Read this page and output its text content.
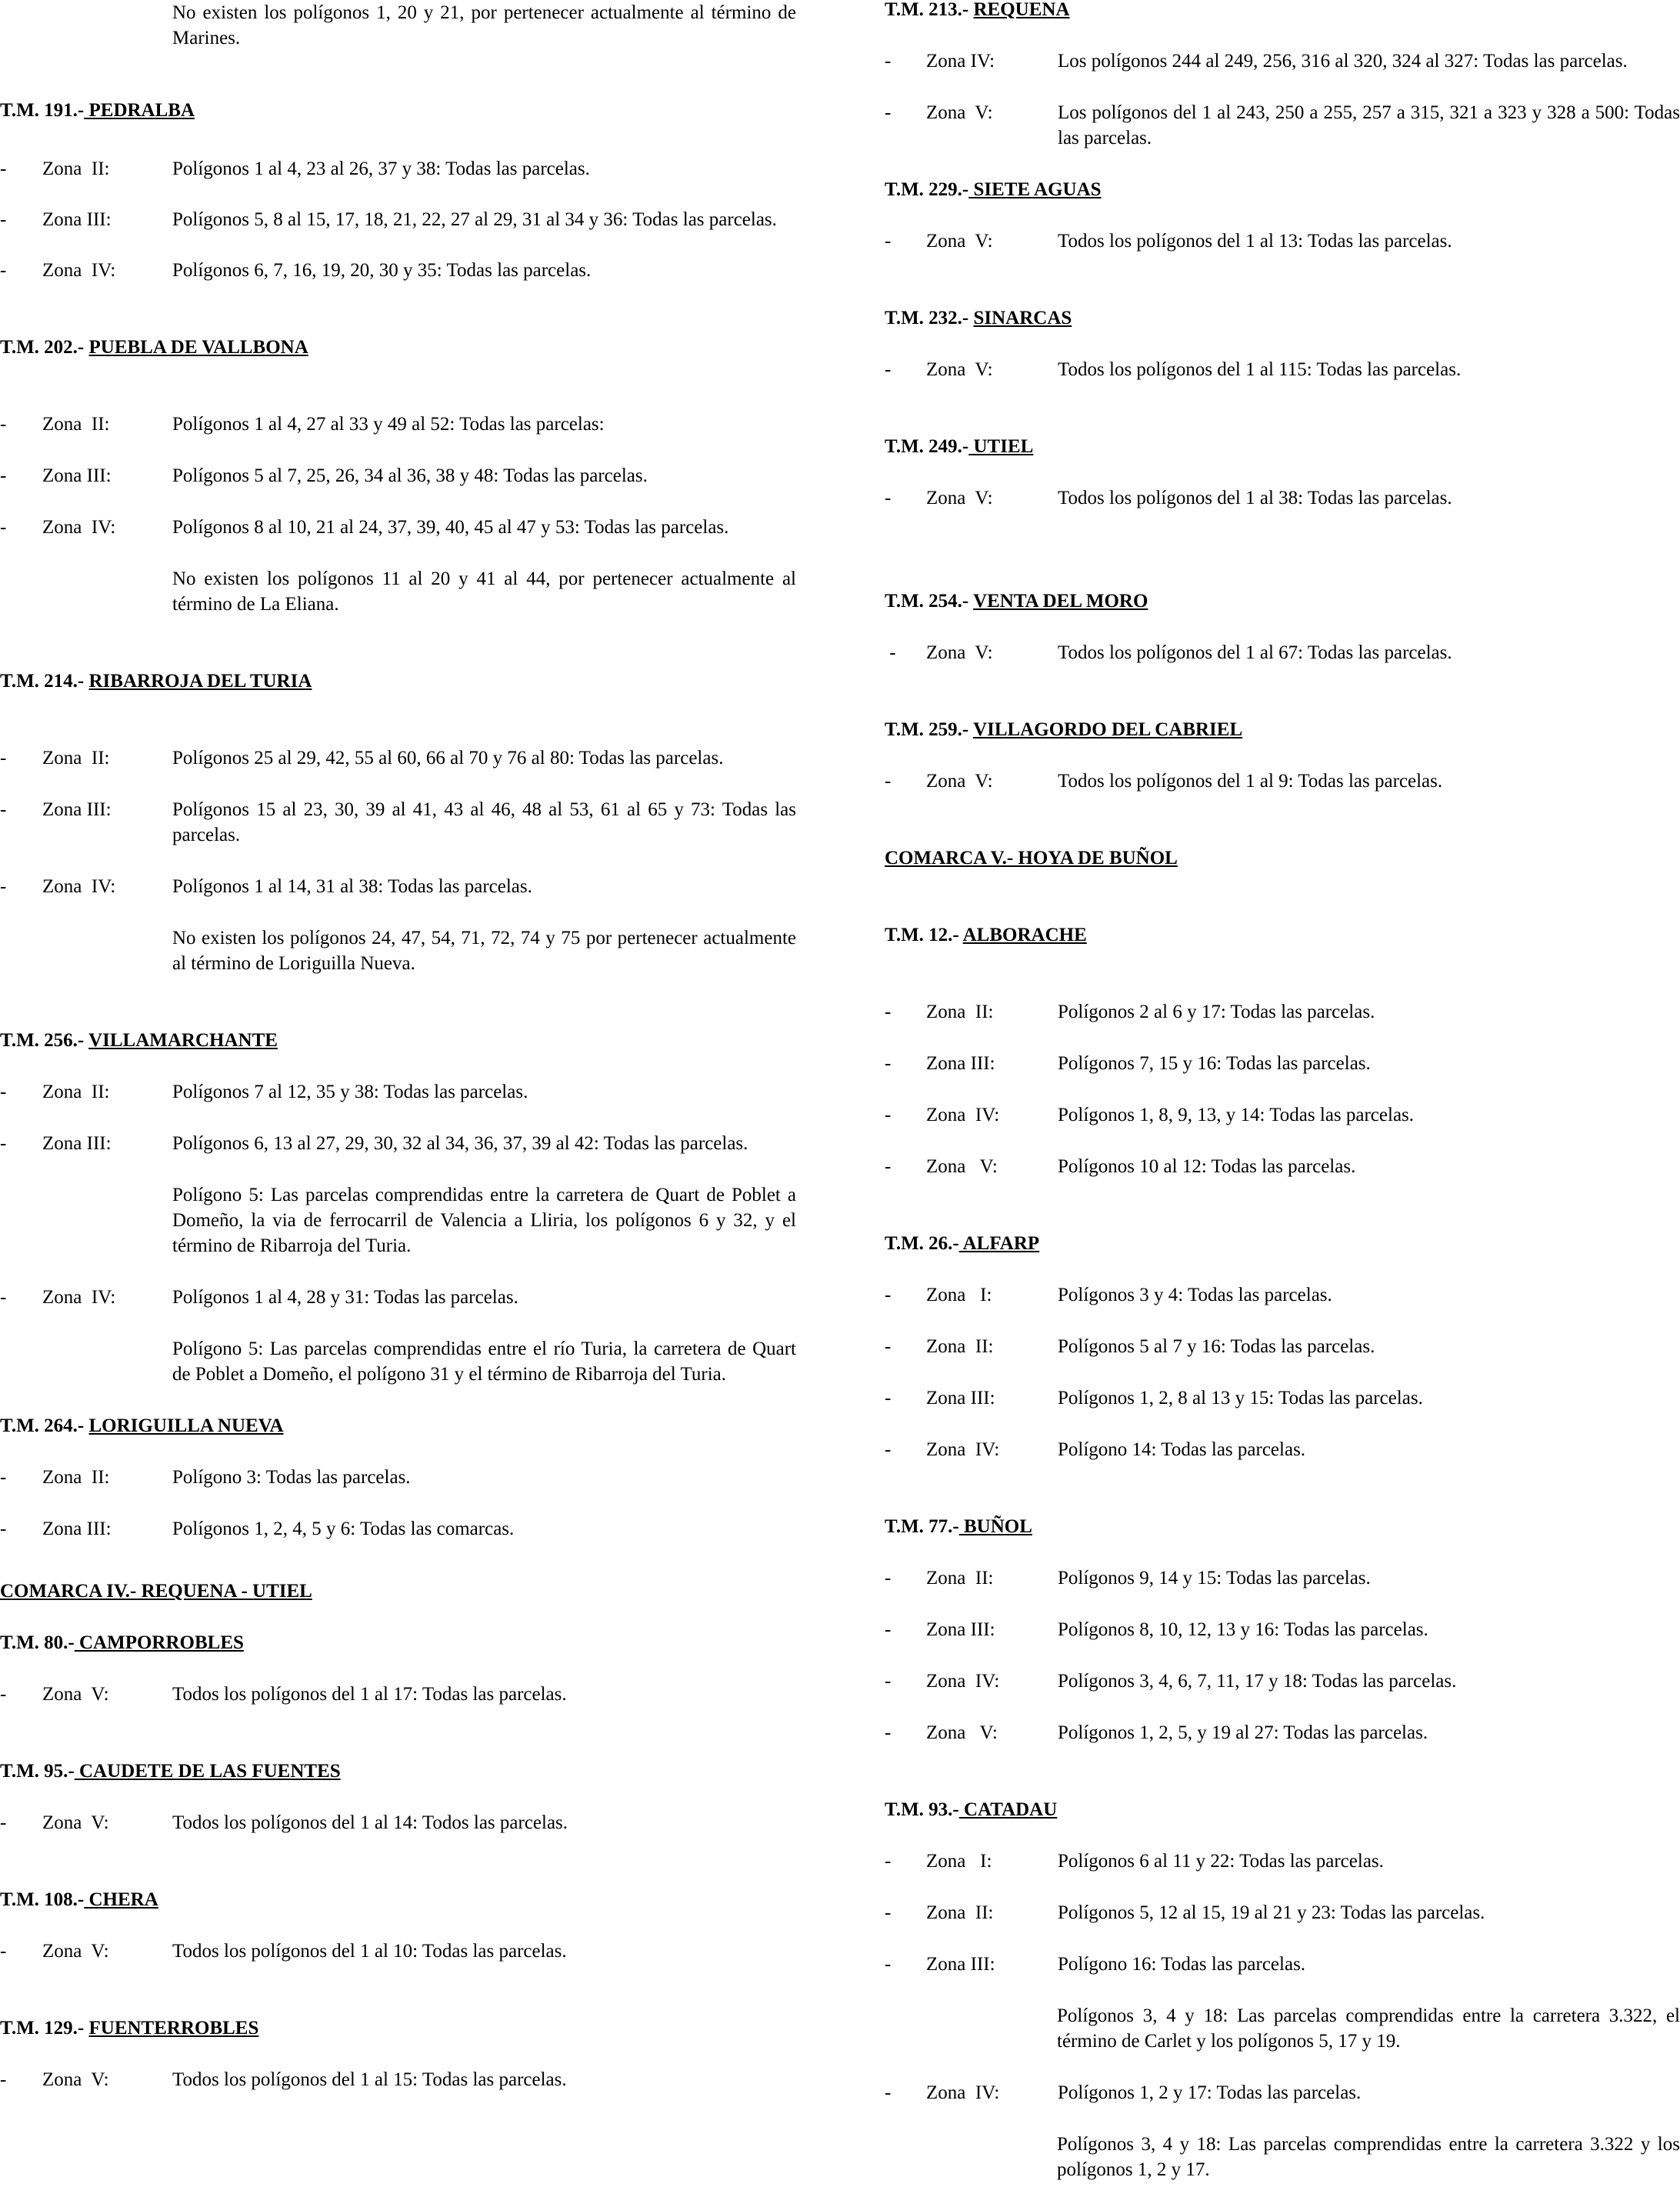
No existen los polígonos 1, 20 y 21, por pertenecer actualmente al término de Marines.
T.M. 191.- PEDRALBA
-	Zona  II:	Polígonos 1 al 4, 23 al 26, 37 y 38: Todas las parcelas.
-	Zona III:	Polígonos 5, 8 al 15, 17, 18, 21, 22, 27 al 29, 31 al 34 y 36: Todas las parcelas.
-	Zona  IV:	Polígonos 6, 7, 16, 19, 20, 30 y 35: Todas las parcelas.
T.M. 202.- PUEBLA DE VALLBONA
-	Zona  II:	Polígonos 1 al 4, 27 al 33 y 49 al 52: Todas las parcelas:
-	Zona III:	Polígonos 5 al 7, 25, 26, 34 al 36, 38 y 48: Todas las parcelas.
-	Zona  IV:	Polígonos 8 al 10, 21 al 24, 37, 39, 40, 45 al 47 y 53: Todas las parcelas.
No existen los polígonos 11 al 20 y 41 al 44, por pertenecer actualmente al término de La Eliana.
T.M. 214.- RIBARROJA DEL TURIA
-	Zona  II:	Polígonos 25 al 29, 42, 55 al 60, 66 al 70 y 76 al 80: Todas las parcelas.
-	Zona III:	Polígonos 15 al 23, 30, 39 al 41, 43 al 46, 48 al 53, 61 al 65 y 73: Todas las parcelas.
-	Zona  IV:	Polígonos 1 al 14, 31 al 38: Todas las parcelas.
No existen los polígonos 24, 47, 54, 71, 72, 74 y 75 por pertenecer actualmente al término de Loriguilla Nueva.
T.M. 256.- VILLAMARCHANTE
-	Zona  II:	Polígonos 7 al 12, 35 y 38: Todas las parcelas.
-	Zona III:	Polígonos 6, 13 al 27, 29, 30, 32 al 34, 36, 37, 39 al 42: Todas las parcelas.
Polígono 5: Las parcelas comprendidas entre la carretera de Quart de Poblet a Domeño, la via de ferrocarril de Valencia a Lliria, los polígonos 6 y 32, y el término de Ribarroja del Turia.
-	Zona  IV:	Polígonos 1 al 4, 28 y 31: Todas las parcelas.
Polígono 5: Las parcelas comprendidas entre el río Turia, la carretera de Quart de Poblet a Domeño, el polígono 31 y el término de Ribarroja del Turia.
T.M. 264.- LORIGUILLA NUEVA
-	Zona  II:	Polígono 3: Todas las parcelas.
-	Zona III:	Polígonos 1, 2, 4, 5 y 6: Todas las comarcas.
COMARCA IV.- REQUENA - UTIEL
T.M. 80.- CAMPORROBLES
-	Zona  V:	Todos los polígonos del 1 al 17: Todas las parcelas.
T.M. 95.- CAUDETE DE LAS FUENTES
-	Zona  V:	Todos los polígonos del 1 al 14: Todos las parcelas.
T.M. 108.- CHERA
-	Zona  V:	Todos los polígonos del 1 al 10: Todas las parcelas.
T.M. 129.- FUENTERROBLES
-	Zona  V:	Todos los polígonos del 1 al 15: Todas las parcelas.
T.M. 213.- REQUENA
-	Zona IV:	Los polígonos 244 al 249, 256, 316 al 320, 324 al 327: Todas las parcelas.
-	Zona  V:	Los polígonos del 1 al 243, 250 a 255, 257 a 315, 321 a 323 y 328 a 500: Todas las parcelas.
T.M. 229.- SIETE AGUAS
-	Zona  V:	Todos los polígonos del 1 al 13: Todas las parcelas.
T.M. 232.- SINARCAS
-	Zona  V:	Todos los polígonos del 1 al 115: Todas las parcelas.
T.M. 249.- UTIEL
-	Zona  V:	Todos los polígonos del 1 al 38: Todas las parcelas.
T.M. 254.- VENTA DEL MORO
-	Zona  V:	Todos los polígonos del 1 al 67: Todas las parcelas.
T.M. 259.- VILLAGORDO DEL CABRIEL
-	Zona  V:	Todos los polígonos del 1 al 9: Todas las parcelas.
COMARCA V.- HOYA DE BUÑOL
T.M. 12.- ALBORACHE
-	Zona  II:	Polígonos 2 al 6 y 17: Todas las parcelas.
-	Zona III:	Polígonos 7, 15 y 16: Todas las parcelas.
-	Zona  IV:	Polígonos 1, 8, 9, 13, y 14: Todas las parcelas.
-	Zona   V:	Polígonos 10 al 12: Todas las parcelas.
T.M. 26.- ALFARP
-	Zona   I:	Polígonos 3 y 4: Todas las parcelas.
-	Zona  II:	Polígonos 5 al 7 y 16: Todas las parcelas.
-	Zona III:	Polígonos 1, 2, 8 al 13 y 15: Todas las parcelas.
-	Zona  IV:	Polígono 14: Todas las parcelas.
T.M. 77.- BUÑOL
-	Zona  II:	Polígonos 9, 14 y 15: Todas las parcelas.
-	Zona III:	Polígonos 8, 10, 12, 13 y 16: Todas las parcelas.
-	Zona  IV:	Polígonos 3, 4, 6, 7, 11, 17 y 18: Todas las parcelas.
-	Zona   V:	Polígonos 1, 2, 5, y 19 al 27: Todas las parcelas.
T.M. 93.- CATADAU
-	Zona   I:	Polígonos 6 al 11 y 22: Todas las parcelas.
-	Zona  II:	Polígonos 5, 12 al 15, 19 al 21 y 23: Todas las parcelas.
-	Zona III:	Polígono 16: Todas las parcelas.
Polígonos 3, 4 y 18: Las parcelas comprendidas entre la carretera 3.322, el término de Carlet y los polígonos 5, 17 y 19.
-	Zona  IV:	Polígonos 1, 2 y 17: Todas las parcelas.
Polígonos 3, 4 y 18: Las parcelas comprendidas entre la carretera 3.322 y los polígonos 1, 2 y 17.
